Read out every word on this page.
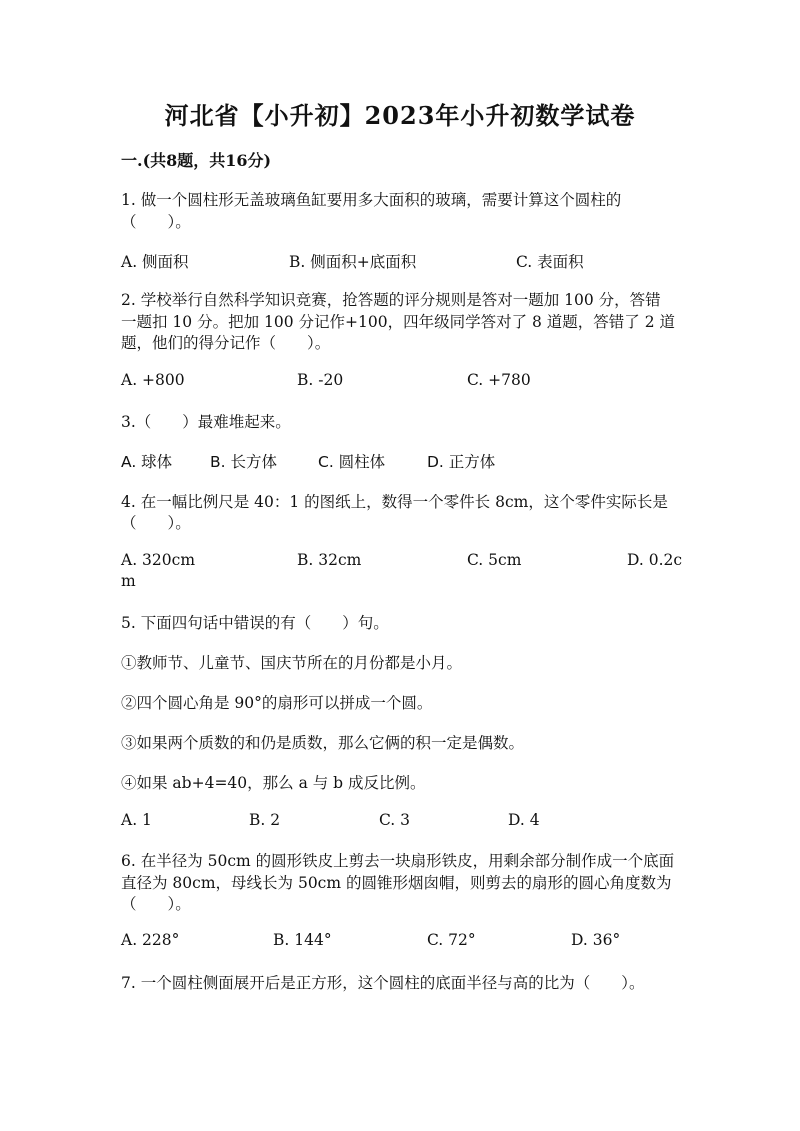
河北省【小升初】2023年小升初数学试卷
一.(共8题，共16分)
1. 做一个圆柱形无盖玻璃鱼缸要用多大面积的玻璃，需要计算这个圆柱的
（　　）。
A. 侧面积	B. 侧面积+底面积	C. 表面积
2. 学校举行自然科学知识竞赛，抢答题的评分规则是答对一题加 100 分，答错
一题扣 10 分。把加 100 分记作+100，四年级同学答对了 8 道题，答错了 2 道
题，他们的得分记作（　　）。
A. +800	B. -20	C. +780
3.（　　）最难堆起来。
A. 球体 B. 长方体	C. 圆柱体	D. 正方体
4. 在一幅比例尺是 40：1 的图纸上，数得一个零件长 8cm，这个零件实际长是
（　　）。
A. 320cm	B. 32cm	C. 5cm	D. 0.2c
m
5. 下面四句话中错误的有（　　）句。
①教师节、儿童节、国庆节所在的月份都是小月。
②四个圆心角是 90°的扇形可以拼成一个圆。
③如果两个质数的和仍是质数，那么它俩的积一定是偶数。
④如果 ab+4=40，那么 a 与 b 成反比例。
A. 1	B. 2	C. 3	D. 4
6. 在半径为 50cm 的圆形铁皮上剪去一块扇形铁皮，用剩余部分制作成一个底面
直径为 80cm，母线长为 50cm 的圆锥形烟囱帽，则剪去的扇形的圆心角度数为
（　　）。
A. 228°	B. 144°	C. 72°	D. 36°
7. 一个圆柱侧面展开后是正方形，这个圆柱的底面半径与高的比为（　　）。
